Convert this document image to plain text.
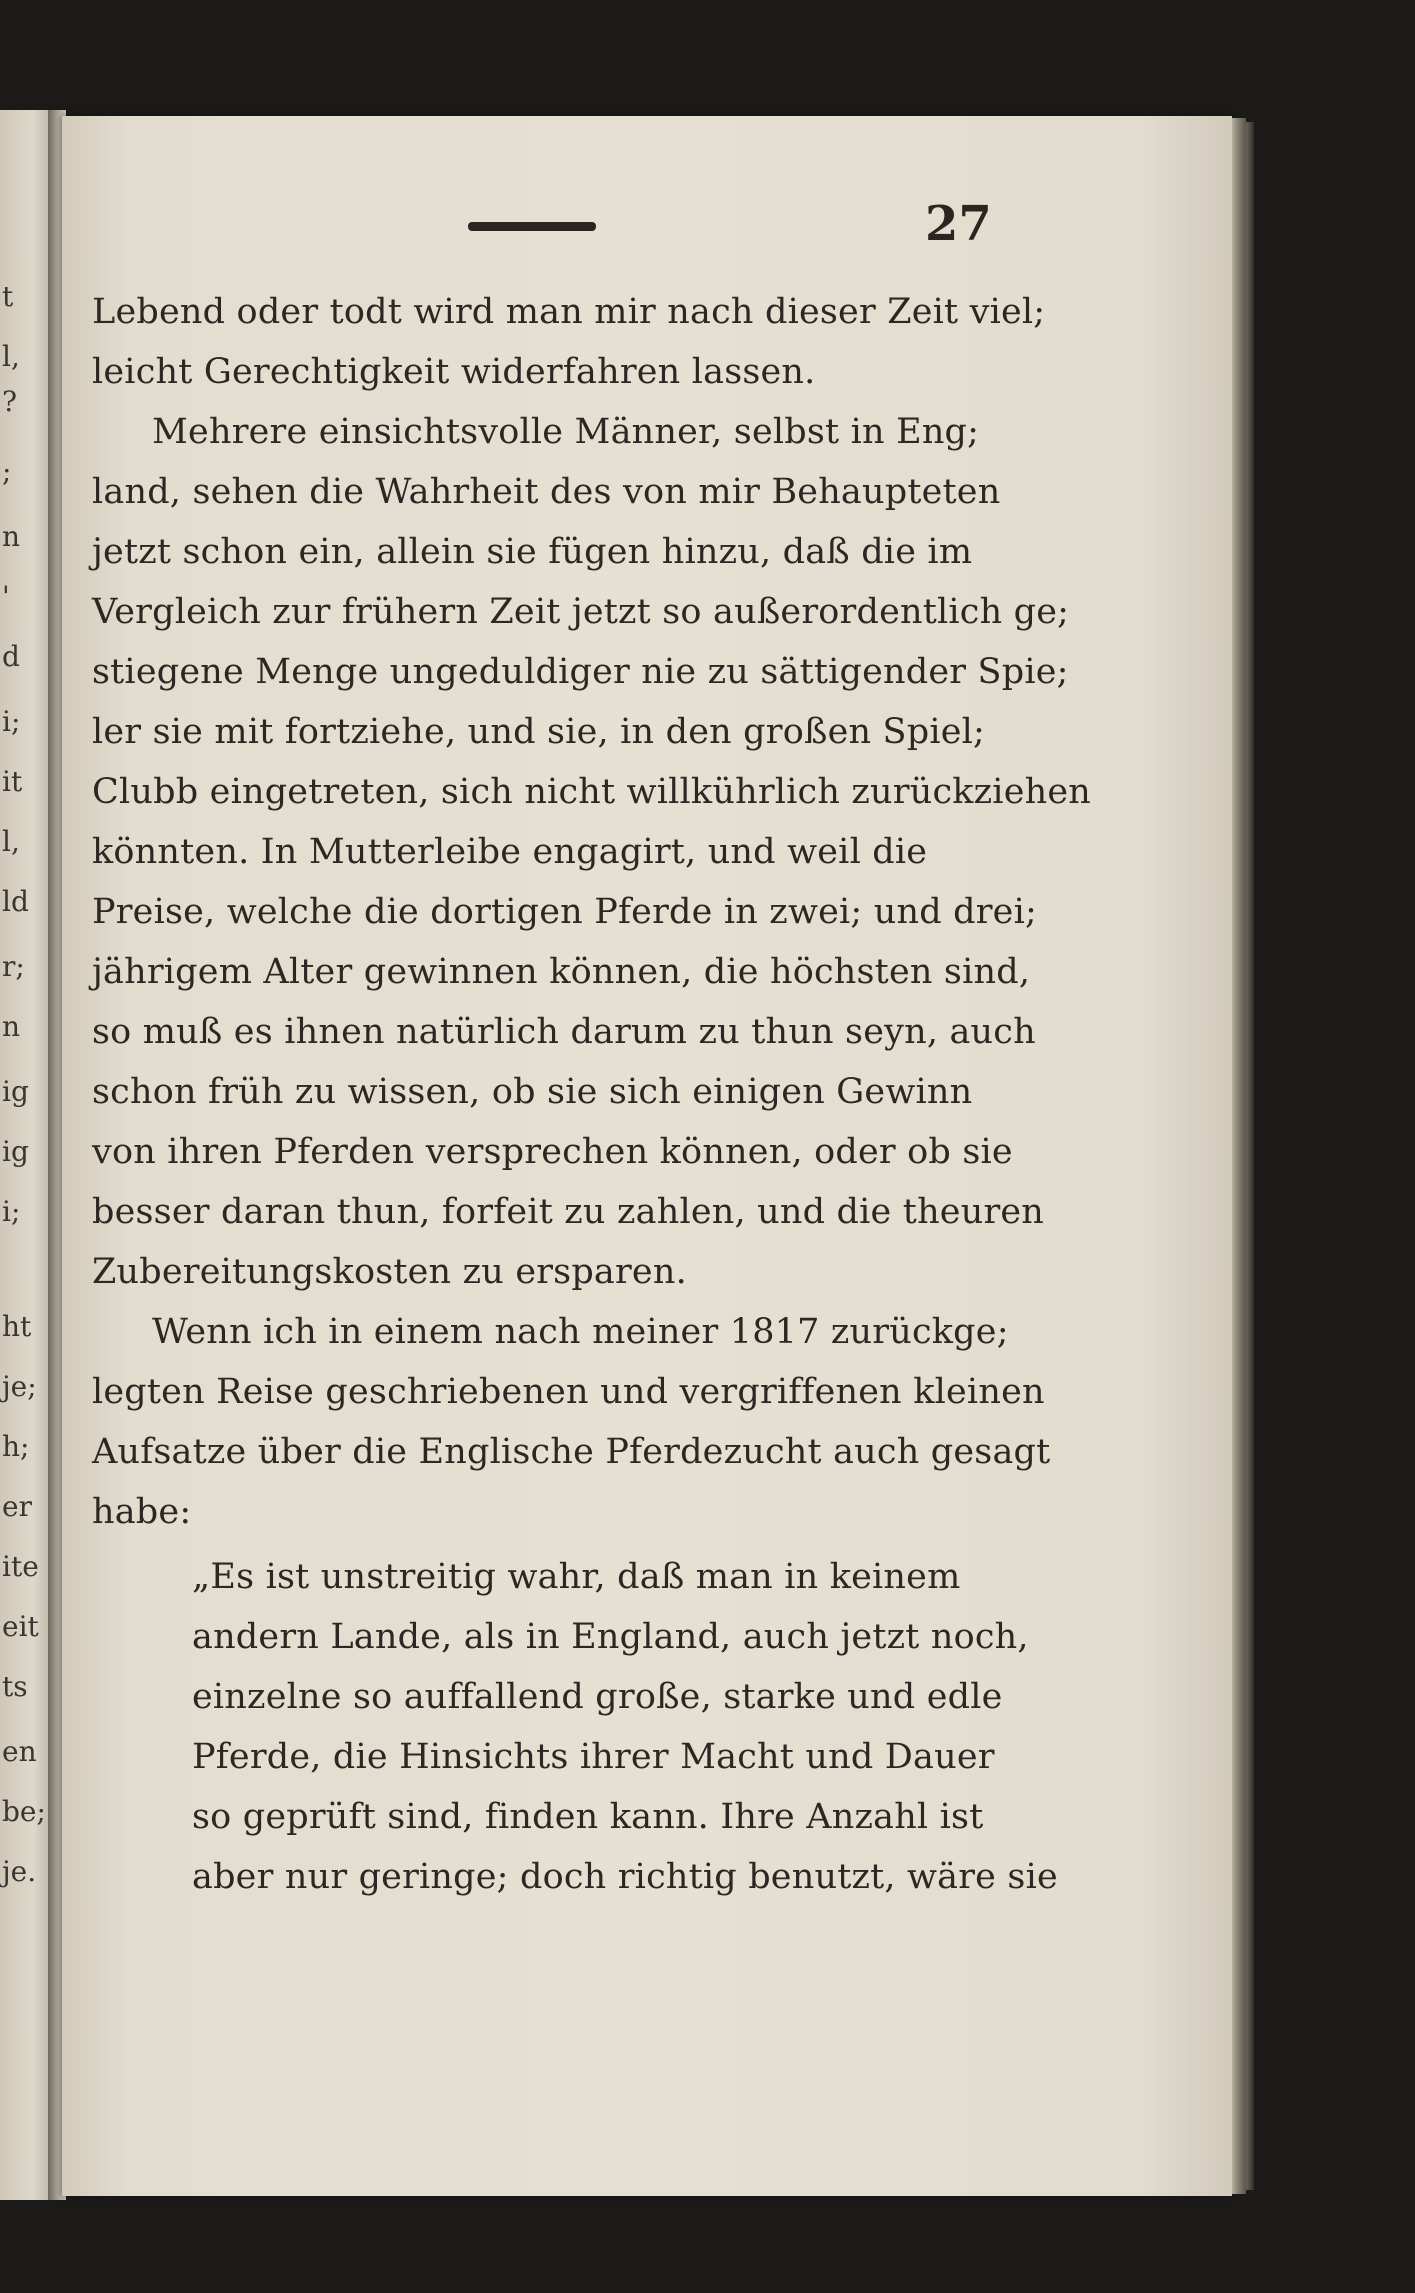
t
l,
?
;
n
'
d
i;
it
l,
ld
r;
n
ig
ig
i;
ht
je;
h;
er
ite
eit
ts
en
be;
je.
27
Lebend oder todt wird man mir nach dieser Zeit viel;
leicht Gerechtigkeit widerfahren lassen.
Mehrere einsichtsvolle Männer, selbst in Eng;
land, sehen die Wahrheit des von mir Behaupteten
jetzt schon ein, allein sie fügen hinzu, daß die im
Vergleich zur frühern Zeit jetzt so außerordentlich ge;
stiegene Menge ungeduldiger nie zu sättigender Spie;
ler sie mit fortziehe, und sie, in den großen Spiel;
Clubb eingetreten, sich nicht willkührlich zurückziehen
könnten. In Mutterleibe engagirt, und weil die
Preise, welche die dortigen Pferde in zwei; und drei;
jährigem Alter gewinnen können, die höchsten sind,
so muß es ihnen natürlich darum zu thun seyn, auch
schon früh zu wissen, ob sie sich einigen Gewinn
von ihren Pferden versprechen können, oder ob sie
besser daran thun, forfeit zu zahlen, und die theuren
Zubereitungskosten zu ersparen.
Wenn ich in einem nach meiner 1817 zurückge;
legten Reise geschriebenen und vergriffenen kleinen
Aufsatze über die Englische Pferdezucht auch gesagt
habe:
„Es ist unstreitig wahr, daß man in keinem
andern Lande, als in England, auch jetzt noch,
einzelne so auffallend große, starke und edle
Pferde, die Hinsichts ihrer Macht und Dauer
so geprüft sind, finden kann. Ihre Anzahl ist
aber nur geringe; doch richtig benutzt, wäre sie
